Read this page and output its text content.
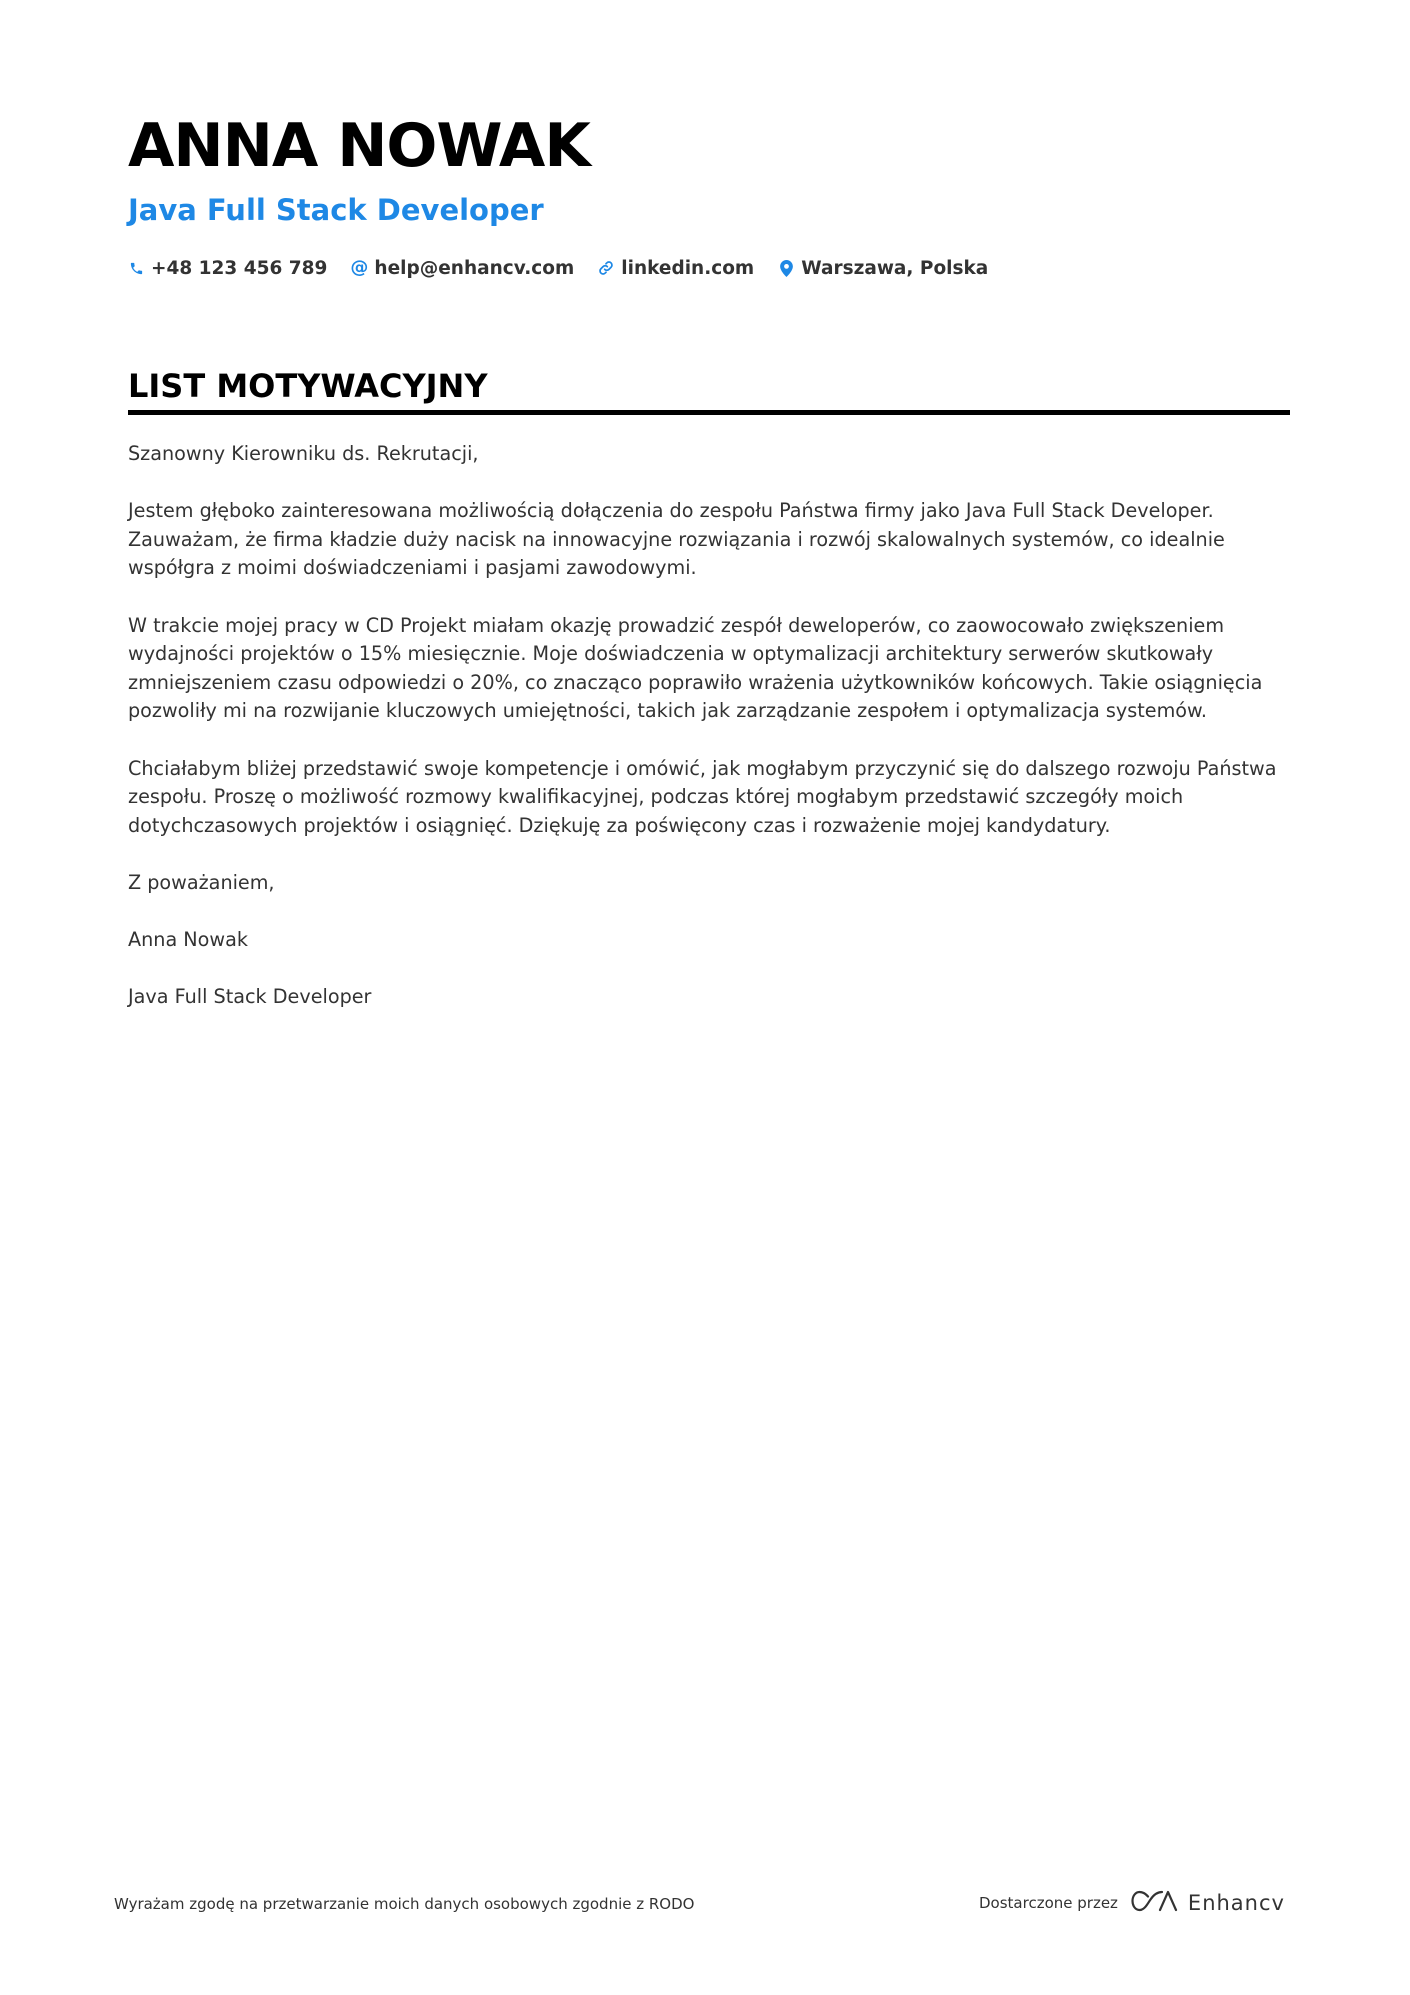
ANNA NOWAK
Java Full Stack Developer
+48 123 456 789 @ help@enhancv.com	linkedin.com	Warszawa, Polska
LIST MOTYWACYJNY

Szanowny Kierowniku ds. Rekrutacji,

Jestem głęboko zainteresowana możliwością dołączenia do zespołu Państwa firmy jako Java Full Stack Developer. Zauważam, że firma kładzie duży nacisk na innowacyjne rozwiązania i rozwój skalowalnych systemów, co idealnie współgra z moimi doświadczeniami i pasjami zawodowymi.

W trakcie mojej pracy w CD Projekt miałam okazję prowadzić zespół deweloperów, co zaowocowało zwiększeniem wydajności projektów o 15% miesięcznie. Moje doświadczenia w optymalizacji architektury serwerów skutkowały zmniejszeniem czasu odpowiedzi o 20%, co znacząco poprawiło wrażenia użytkowników końcowych. Takie osiągnięcia pozwoliły mi na rozwijanie kluczowych umiejętności, takich jak zarządzanie zespołem i optymalizacja systemów.

Chciałabym bliżej przedstawić swoje kompetencje i omówić, jak mogłabym przyczynić się do dalszego rozwoju Państwa zespołu. Proszę o możliwość rozmowy kwalifikacyjnej, podczas której mogłabym przedstawić szczegóły moich dotychczasowych projektów i osiągnięć. Dziękuję za poświęcony czas i rozważenie mojej kandydatury.

Z poważaniem,

Anna Nowak

Java Full Stack Developer

Wyrażam zgodę na przetwarzanie moich danych osobowych zgodnie z RODO	Dostarczone przez	Enhancv
